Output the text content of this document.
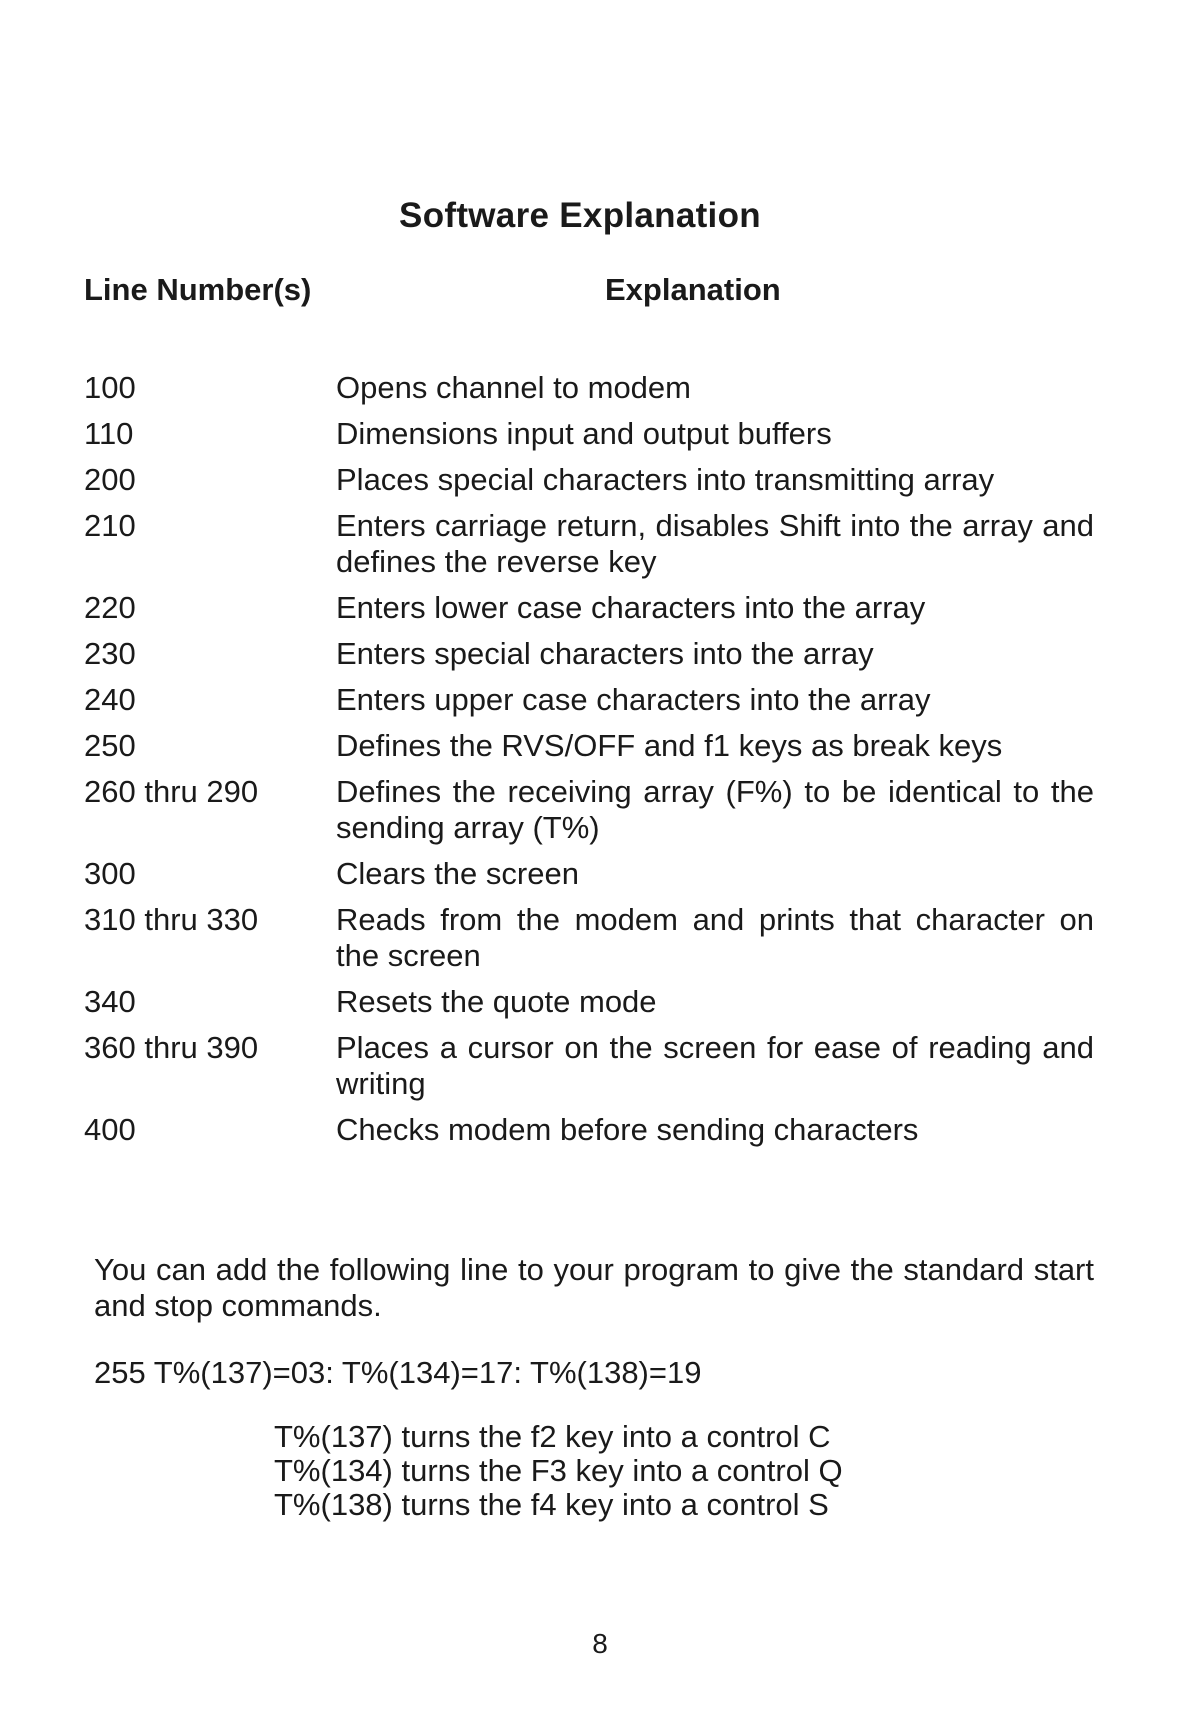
Software Explanation
Line Number(s)	Explanation
100	Opens channel to modem
110	Dimensions input and output buffers
200	Places special characters into transmitting array
210	Enters carriage return, disables Shift into the array and defines the reverse key
220	Enters lower case characters into the array
230	Enters special characters into the array
240	Enters upper case characters into the array
250	Defines the RVS/OFF and f1 keys as break keys
260 thru 290	Defines the receiving array (F%) to be identical to the sending array (T%)
300	Clears the screen
310 thru 330	Reads from the modem and prints that character on the screen
340	Resets the quote mode
360 thru 390	Places a cursor on the screen for ease of reading and writing
400	Checks modem before sending characters
You can add the following line to your program to give the standard start and stop commands.
255 T%(137)=03: T%(134)=17: T%(138)=19
T%(137) turns the f2 key into a control C
T%(134) turns the F3 key into a control Q
T%(138) turns the f4 key into a control S
8
